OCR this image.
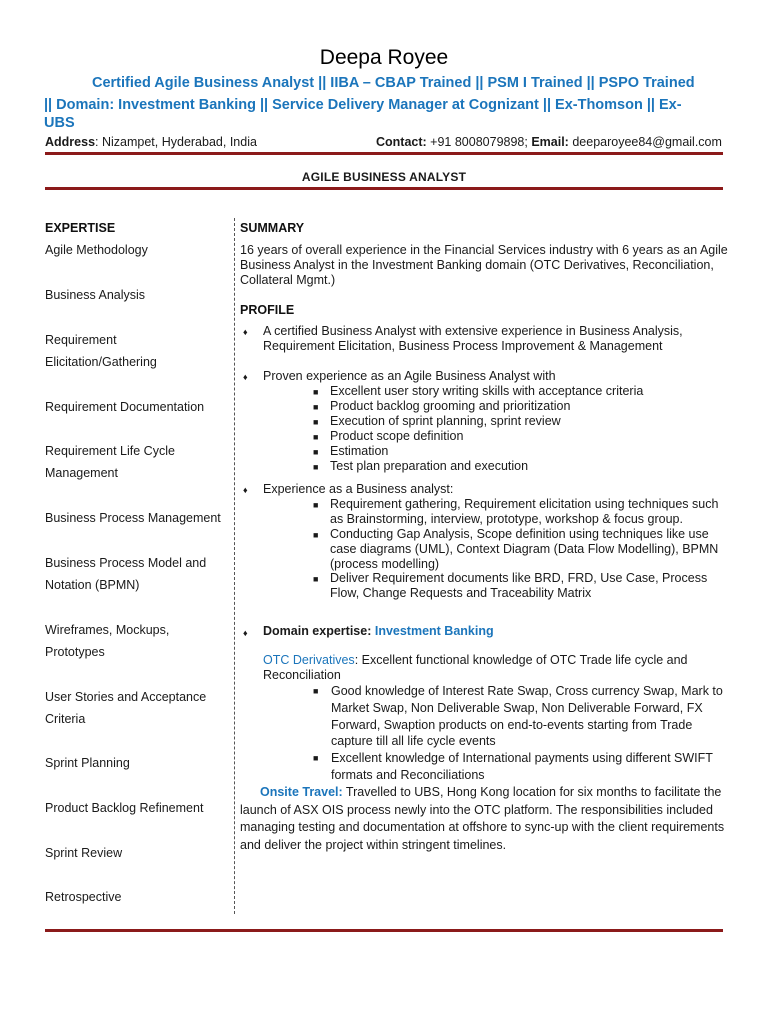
Deepa Royee
Certified Agile Business Analyst || IIBA – CBAP Trained || PSM I Trained || PSPO Trained
|| Domain: Investment Banking || Service Delivery Manager at Cognizant || Ex-Thomson || Ex-
UBS
Address: Nizampet, Hyderabad, India	Contact: +91 8008079898; Email: deeparoyee84@gmail.com
AGILE BUSINESS ANALYST
EXPERTISE
Agile Methodology
Business Analysis
Requirement Elicitation/Gathering
Requirement Documentation
Requirement Life Cycle Management
Business Process Management
Business Process Model and Notation (BPMN)
Wireframes, Mockups, Prototypes
User Stories and Acceptance Criteria
Sprint Planning
Product Backlog Refinement
Sprint Review
Retrospective
SUMMARY
16 years of overall experience in the Financial Services industry with 6 years as an Agile Business Analyst in the Investment Banking domain (OTC Derivatives, Reconciliation, Collateral Mgmt.)
PROFILE
♦ A certified Business Analyst with extensive experience in Business Analysis, Requirement Elicitation, Business Process Improvement & Management
♦ Proven experience as an Agile Business Analyst with
■ Excellent user story writing skills with acceptance criteria
■ Product backlog grooming and prioritization
■ Execution of sprint planning, sprint review
■ Product scope definition
■ Estimation
■ Test plan preparation and execution
♦ Experience as a Business analyst:
■ Requirement gathering, Requirement elicitation using techniques such as Brainstorming, interview, prototype, workshop & focus group.
■ Conducting Gap Analysis, Scope definition using techniques like use case diagrams (UML), Context Diagram (Data Flow Modelling), BPMN (process modelling)
■ Deliver Requirement documents like BRD, FRD, Use Case, Process Flow, Change Requests and Traceability Matrix
♦ Domain expertise: Investment Banking
OTC Derivatives: Excellent functional knowledge of OTC Trade life cycle and Reconciliation
■ Good knowledge of Interest Rate Swap, Cross currency Swap, Mark to Market Swap, Non Deliverable Swap, Non Deliverable Forward, FX Forward, Swaption products on end-to-events starting from Trade capture till all life cycle events
■ Excellent knowledge of International payments using different SWIFT formats and Reconciliations
Onsite Travel: Travelled to UBS, Hong Kong location for six months to facilitate the launch of ASX OIS process newly into the OTC platform. The responsibilities included managing testing and documentation at offshore to sync-up with the client requirements and deliver the project within stringent timelines.
